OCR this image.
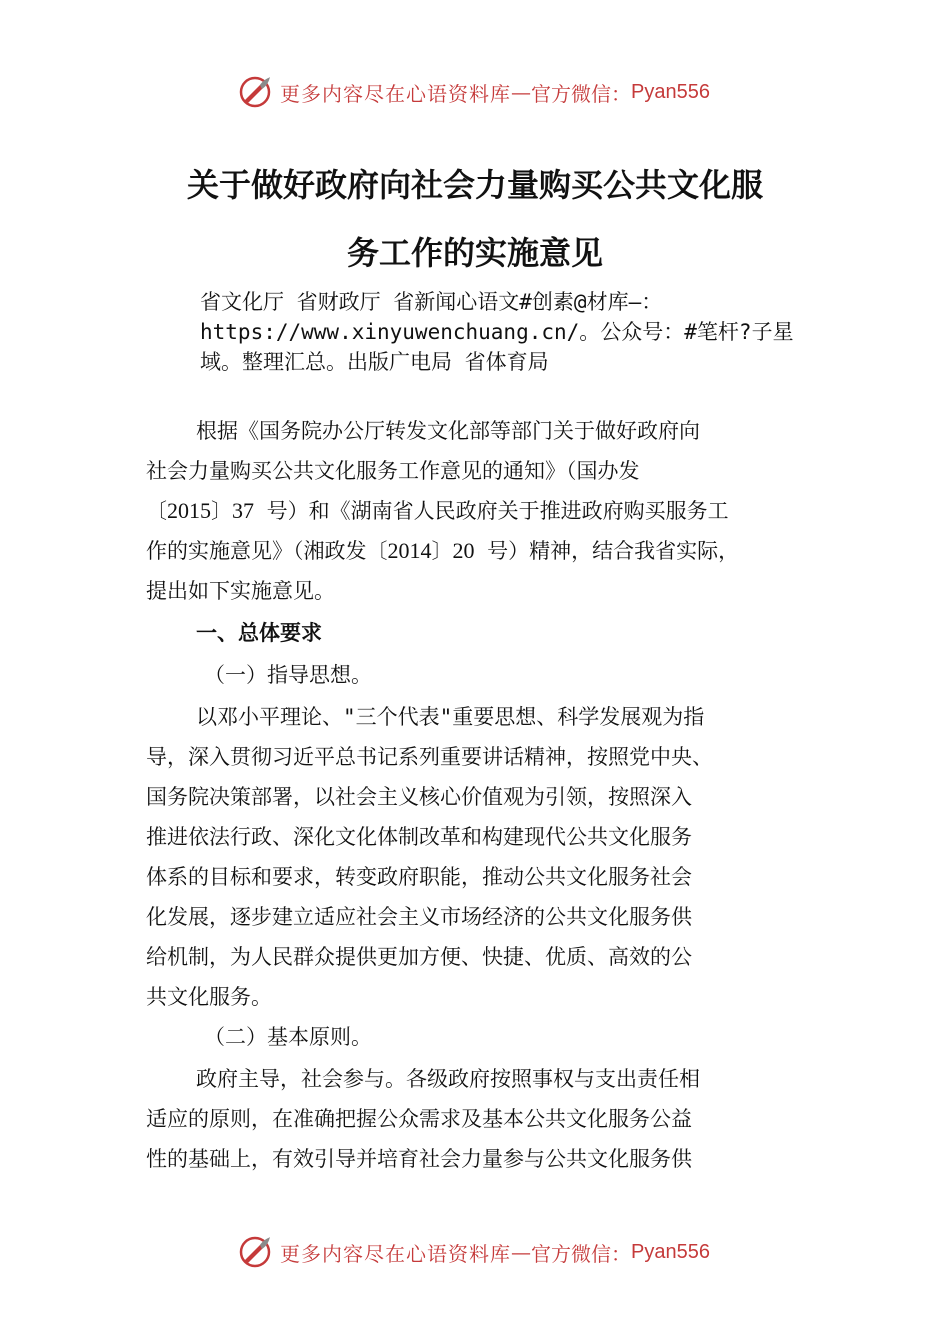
更多内容尽在心语资料库 — 官方微信： Pyan556
关于做好政府向社会力量购买公共文化服
务工作的实施意见
省文化厅 省财政厅 省新闻心语文#创素@材库—：
https://www.xinyuwenchuang.cn/。公众号：#笔杆?子星
域。整理汇总。出版广电局 省体育局
根据《国务院办公厅转发文化部等部门关于做好政府向
社会力量购买公共文化服务工作意见的通知》（国办发
〔2015〕37 号）和《湖南省人民政府关于推进政府购买服务工
作的实施意见》（湘政发〔2014〕20 号）精神，结合我省实际，
提出如下实施意见。
一、总体要求
（一）指导思想。
以邓小平理论、"三个代表"重要思想、科学发展观为指
导，深入贯彻习近平总书记系列重要讲话精神，按照党中央、
国务院决策部署，以社会主义核心价值观为引领，按照深入
推进依法行政、深化文化体制改革和构建现代公共文化服务
体系的目标和要求，转变政府职能，推动公共文化服务社会
化发展，逐步建立适应社会主义市场经济的公共文化服务供
给机制，为人民群众提供更加方便、快捷、优质、高效的公
共文化服务。
（二）基本原则。
政府主导，社会参与。各级政府按照事权与支出责任相
适应的原则，在准确把握公众需求及基本公共文化服务公益
性的基础上，有效引导并培育社会力量参与公共文化服务供
更多内容尽在心语资料库 — 官方微信： Pyan556
